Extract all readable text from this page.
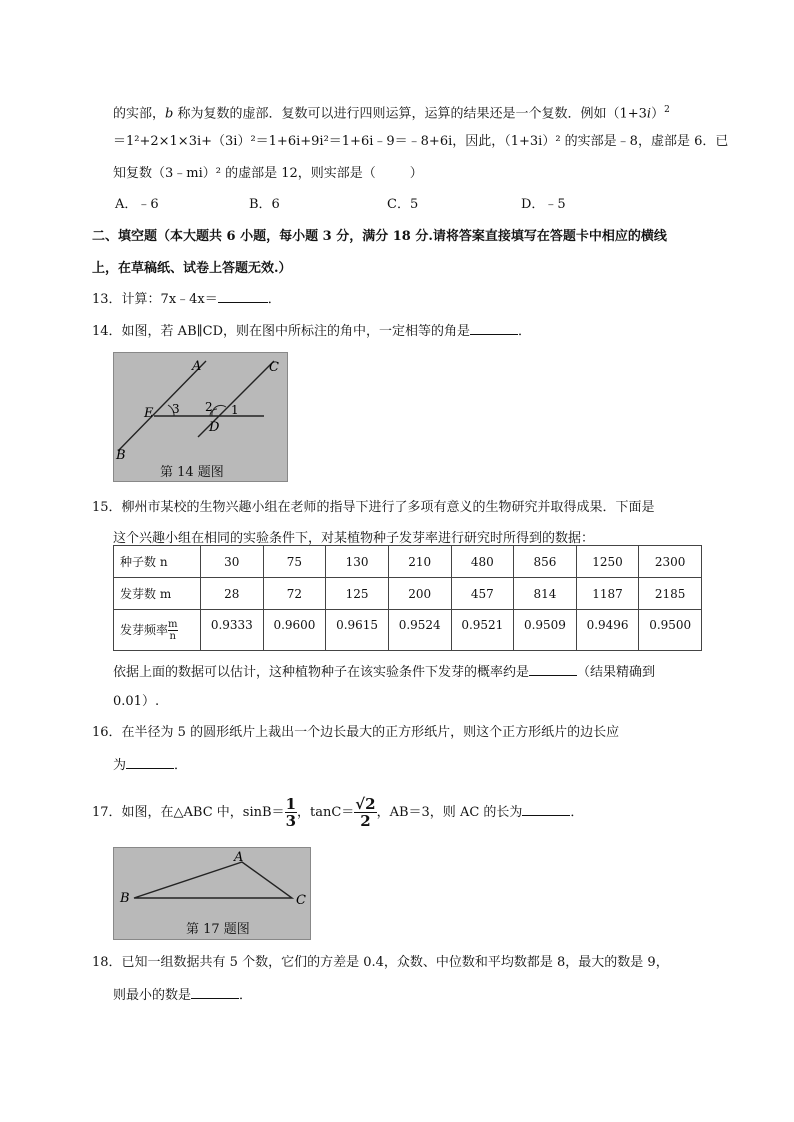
的实部，b 称为复数的虚部．复数可以进行四则运算，运算的结果还是一个复数．例如$(1+3i)^2$
＝1²+2×1×3i+（3i）²＝1+6i+9i²＝1+6i﹣9＝﹣8+6i，因此，（1+3i）² 的实部是﹣8，虚部是 6．已
知复数（3﹣mi）² 的虚部是 12，则实部是（	）
A．﹣6	B．6	C．5	D．﹣5
二、填空题（本大题共 6 小题，每小题 3 分，满分 18 分.请将答案直接填写在答题卡中相应的横线
上，在草稿纸、试卷上答题无效.）
13．计算：7x﹣4x＝	．
14．如图，若 AB∥CD，则在图中所标注的角中，一定相等的角是	．
A
B
C
D
E	1
2
3
第 14 题图
15．柳州市某校的生物兴趣小组在老师的指导下进行了多项有意义的生物研究并取得成果．下面是
这个兴趣小组在相同的实验条件下，对某植物种子发芽率进行研究时所得到的数据：
种子数 n	30	75	130	210	480	856	1250	2300
发芽数 m	28	72	125	200	457	814	1187	2185
发芽频率 $\frac{m}{n}$	0.9333	0.9600	0.9615	0.9524	0.9521	0.9509	0.9496	0.9500
依据上面的数据可以估计，这种植物种子在该实验条件下发芽的概率约是	（结果精确到
0.01）.
16．在半径为 5 的圆形纸片上裁出一个边长最大的正方形纸片，则这个正方形纸片的边长应
为	．
17．如图，在△ABC 中，$\sin B= \frac{1}{3}$ ，$\tan C= \frac{√2}{2}$ ，AB＝3，则 AC 的长为	．
A
B	C
第 17 题图
18．已知一组数据共有 5 个数，它们的方差是 0.4，众数、中位数和平均数都是 8，最大的数是 9，
则最小的数是	．
